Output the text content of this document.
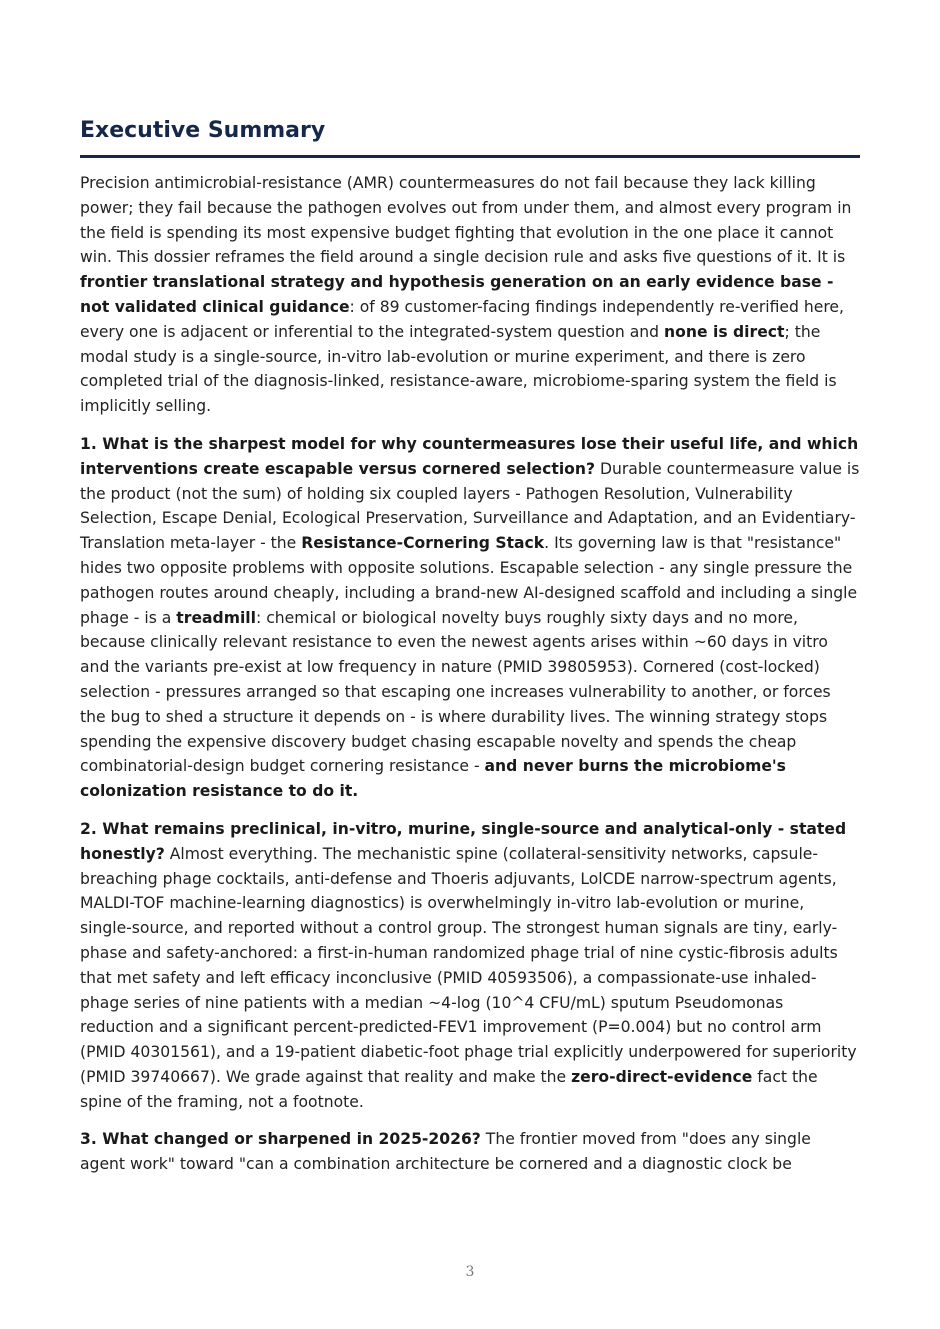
Executive Summary

Precision antimicrobial-resistance (AMR) countermeasures do not fail because they lack killing power; they fail because the pathogen evolves out from under them, and almost every program in the field is spending its most expensive budget fighting that evolution in the one place it cannot win. This dossier reframes the field around a single decision rule and asks five questions of it. It is frontier translational strategy and hypothesis generation on an early evidence base - not validated clinical guidance: of 89 customer-facing findings independently re-verified here, every one is adjacent or inferential to the integrated-system question and none is direct; the modal study is a single-source, in-vitro lab-evolution or murine experiment, and there is zero completed trial of the diagnosis-linked, resistance-aware, microbiome-sparing system the field is implicitly selling.

1. What is the sharpest model for why countermeasures lose their useful life, and which interventions create escapable versus cornered selection? Durable countermeasure value is the product (not the sum) of holding six coupled layers - Pathogen Resolution, Vulnerability Selection, Escape Denial, Ecological Preservation, Surveillance and Adaptation, and an Evidentiary-Translation meta-layer - the Resistance-Cornering Stack. Its governing law is that "resistance" hides two opposite problems with opposite solutions. Escapable selection - any single pressure the pathogen routes around cheaply, including a brand-new AI-designed scaffold and including a single phage - is a treadmill: chemical or biological novelty buys roughly sixty days and no more, because clinically relevant resistance to even the newest agents arises within ~60 days in vitro and the variants pre-exist at low frequency in nature (PMID 39805953). Cornered (cost-locked) selection - pressures arranged so that escaping one increases vulnerability to another, or forces the bug to shed a structure it depends on - is where durability lives. The winning strategy stops spending the expensive discovery budget chasing escapable novelty and spends the cheap combinatorial-design budget cornering resistance - and never burns the microbiome's colonization resistance to do it.

2. What remains preclinical, in-vitro, murine, single-source and analytical-only - stated honestly? Almost everything. The mechanistic spine (collateral-sensitivity networks, capsule-breaching phage cocktails, anti-defense and Thoeris adjuvants, LolCDE narrow-spectrum agents, MALDI-TOF machine-learning diagnostics) is overwhelmingly in-vitro lab-evolution or murine, single-source, and reported without a control group. The strongest human signals are tiny, early-phase and safety-anchored: a first-in-human randomized phage trial of nine cystic-fibrosis adults that met safety and left efficacy inconclusive (PMID 40593506), a compassionate-use inhaled-phage series of nine patients with a median ~4-log (10^4 CFU/mL) sputum Pseudomonas reduction and a significant percent-predicted-FEV1 improvement (P=0.004) but no control arm (PMID 40301561), and a 19-patient diabetic-foot phage trial explicitly underpowered for superiority (PMID 39740667). We grade against that reality and make the zero-direct-evidence fact the spine of the framing, not a footnote.

3. What changed or sharpened in 2025-2026? The frontier moved from "does any single agent work" toward "can a combination architecture be cornered and a diagnostic clock be

3
